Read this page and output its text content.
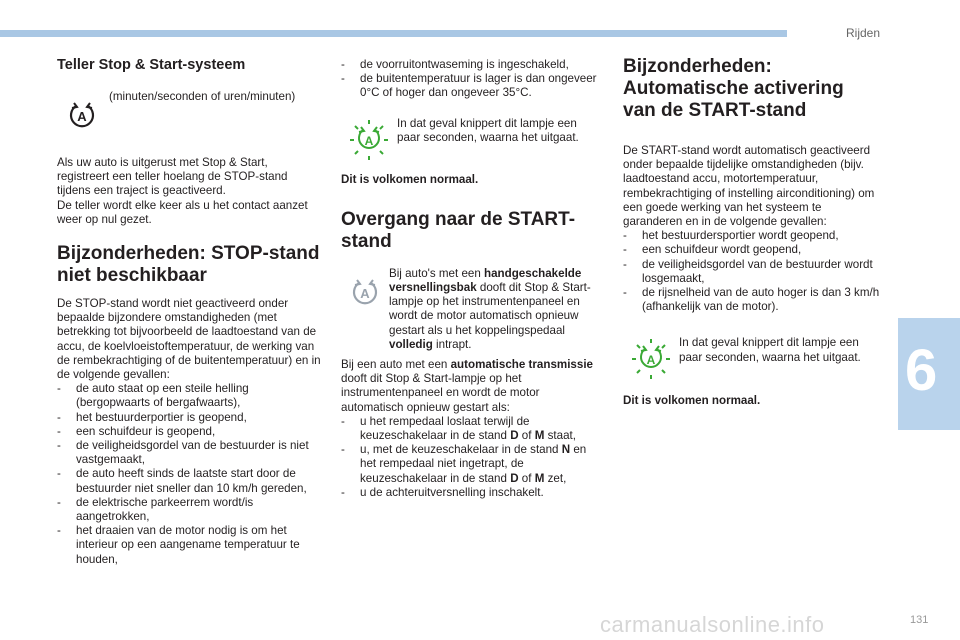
Rijden
6
Teller Stop & Start-systeem
A

(minuten/seconden of uren/minuten)

Als uw auto is uitgerust met Stop & Start, registreert een teller hoelang de STOP-stand tijdens een traject is geactiveerd.

De teller wordt elke keer als u het contact aanzet weer op nul gezet.

Bijzonderheden: STOP-stand niet beschikbaar

De STOP-stand wordt niet geactiveerd onder bepaalde bijzondere omstandigheden (met betrekking tot bijvoorbeeld de laadtoestand van de accu, de koelvloeistoftemperatuur, de werking van de rembekrachtiging of de buitentemperatuur) en in de volgende gevallen:

-	de auto staat op een steile helling (bergopwaarts of bergafwaarts),
-	het bestuurderportier is geopend,
-	een schuifdeur is geopend,
-	de veiligheidsgordel van de bestuurder is niet vastgemaakt,
-	de auto heeft sinds de laatste start door de bestuurder niet sneller dan 10 km/h gereden,
-	de elektrische parkeerrem wordt/is aangetrokken,
-	het draaien van de motor nodig is om het interieur op een aangename temperatuur te houden,
-	de voorruitontwaseming is ingeschakeld,
-	de buitentemperatuur is lager is dan ongeveer 0°C of hoger dan ongeveer 35°C.
A

In dat geval knippert dit lampje een paar seconden, waarna het uitgaat.

Dit is volkomen normaal.

Overgang naar de START-stand
A

Bij auto's met een handgeschakelde versnellingsbak dooft dit Stop & Start-lampje op het instrumentenpaneel en wordt de motor automatisch opnieuw gestart als u het koppelingspedaal volledig intrapt.

Bij een auto met een automatische transmissie dooft dit Stop & Start-lampje op het instrumentenpaneel en wordt de motor automatisch opnieuw gestart als:

-	u het rempedaal loslaat terwijl de keuzeschakelaar in de stand D of M staat,
-	u, met de keuzeschakelaar in de stand N en het rempedaal niet ingetrapt, de keuzeschakelaar in de stand D of M zet,
-	u de achteruitversnelling inschakelt.
Bijzonderheden: Automatische activering van de START-stand

De START-stand wordt automatisch geactiveerd onder bepaalde tijdelijke omstandigheden (bijv. laadtoestand accu, motortemperatuur, rembekrachtiging of instelling airconditioning) om een goede werking van het systeem te garanderen en in de volgende gevallen:

-	het bestuurdersportier wordt geopend,
-	een schuifdeur wordt geopend,
-	de veiligheidsgordel van de bestuurder wordt losgemaakt,
-	de rijsnelheid van de auto hoger is dan 3 km/h (afhankelijk van de motor).
A

In dat geval knippert dit lampje een paar seconden, waarna het uitgaat.

Dit is volkomen normaal.

carmanualsonline.info	131
